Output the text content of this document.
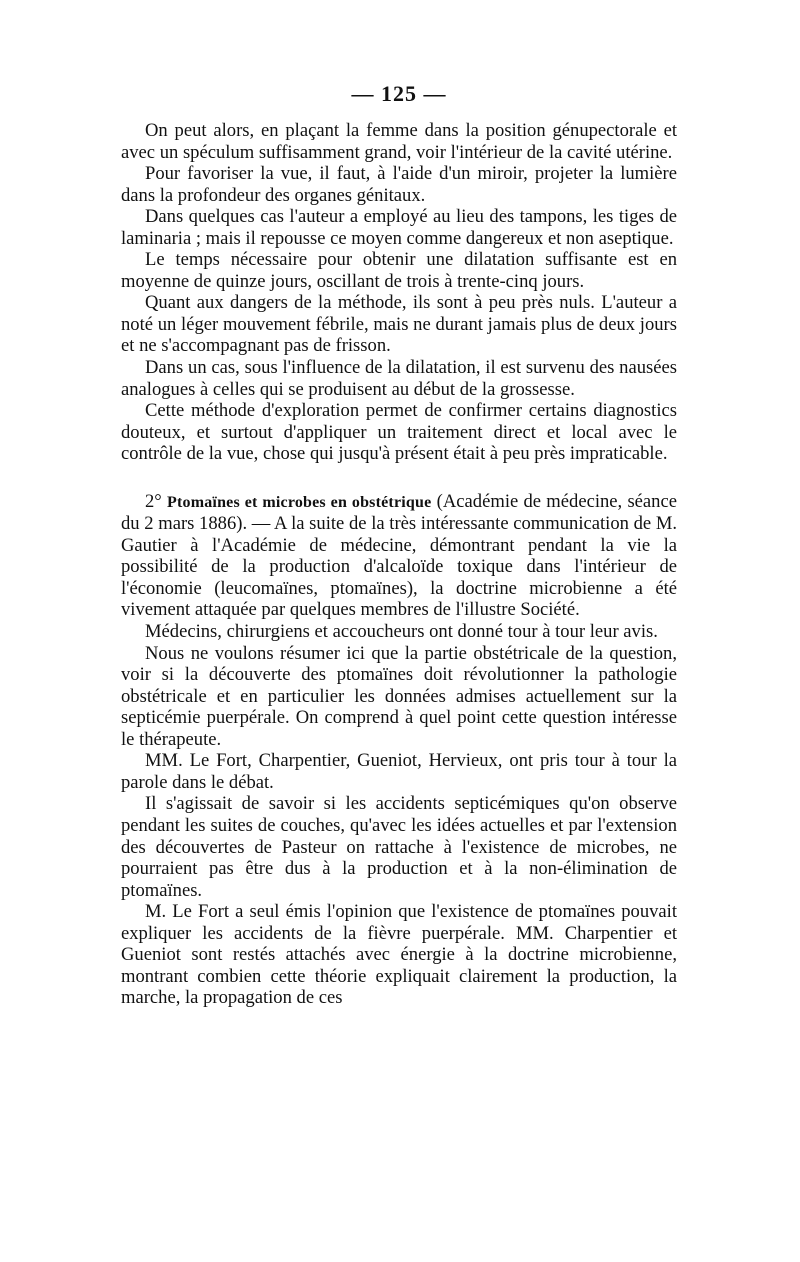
— 125 —

On peut alors, en plaçant la femme dans la position génupectorale et avec un spéculum suffisamment grand, voir l'intérieur de la cavité utérine.

Pour favoriser la vue, il faut, à l'aide d'un miroir, projeter la lumière dans la profondeur des organes génitaux.

Dans quelques cas l'auteur a employé au lieu des tampons, les tiges de laminaria ; mais il repousse ce moyen comme dangereux et non aseptique.

Le temps nécessaire pour obtenir une dilatation suffisante est en moyenne de quinze jours, oscillant de trois à trente-cinq jours.

Quant aux dangers de la méthode, ils sont à peu près nuls. L'auteur a noté un léger mouvement fébrile, mais ne durant jamais plus de deux jours et ne s'accompagnant pas de frisson.

Dans un cas, sous l'influence de la dilatation, il est survenu des nausées analogues à celles qui se produisent au début de la grossesse.

Cette méthode d'exploration permet de confirmer certains diagnostics douteux, et surtout d'appliquer un traitement direct et local avec le contrôle de la vue, chose qui jusqu'à présent était à peu près impraticable.

2° Ptomaïnes et microbes en obstétrique (Académie de médecine, séance du 2 mars 1886). — A la suite de la très intéressante communication de M. Gautier à l'Académie de médecine, démontrant pendant la vie la possibilité de la production d'alcaloïde toxique dans l'intérieur de l'économie (leucomaïnes, ptomaïnes), la doctrine microbienne a été vivement attaquée par quelques membres de l'illustre Société.

Médecins, chirurgiens et accoucheurs ont donné tour à tour leur avis.

Nous ne voulons résumer ici que la partie obstétricale de la question, voir si la découverte des ptomaïnes doit révolutionner la pathologie obstétricale et en particulier les données admises actuellement sur la septicémie puerpérale. On comprend à quel point cette question intéresse le thérapeute.

MM. Le Fort, Charpentier, Gueniot, Hervieux, ont pris tour à tour la parole dans le débat.

Il s'agissait de savoir si les accidents septicémiques qu'on observe pendant les suites de couches, qu'avec les idées actuelles et par l'extension des découvertes de Pasteur on rattache à l'existence de microbes, ne pourraient pas être dus à la production et à la non-élimination de ptomaïnes.

M. Le Fort a seul émis l'opinion que l'existence de ptomaïnes pouvait expliquer les accidents de la fièvre puerpérale. MM. Charpentier et Gueniot sont restés attachés avec énergie à la doctrine microbienne, montrant combien cette théorie expliquait clairement la production, la marche, la propagation de ces
